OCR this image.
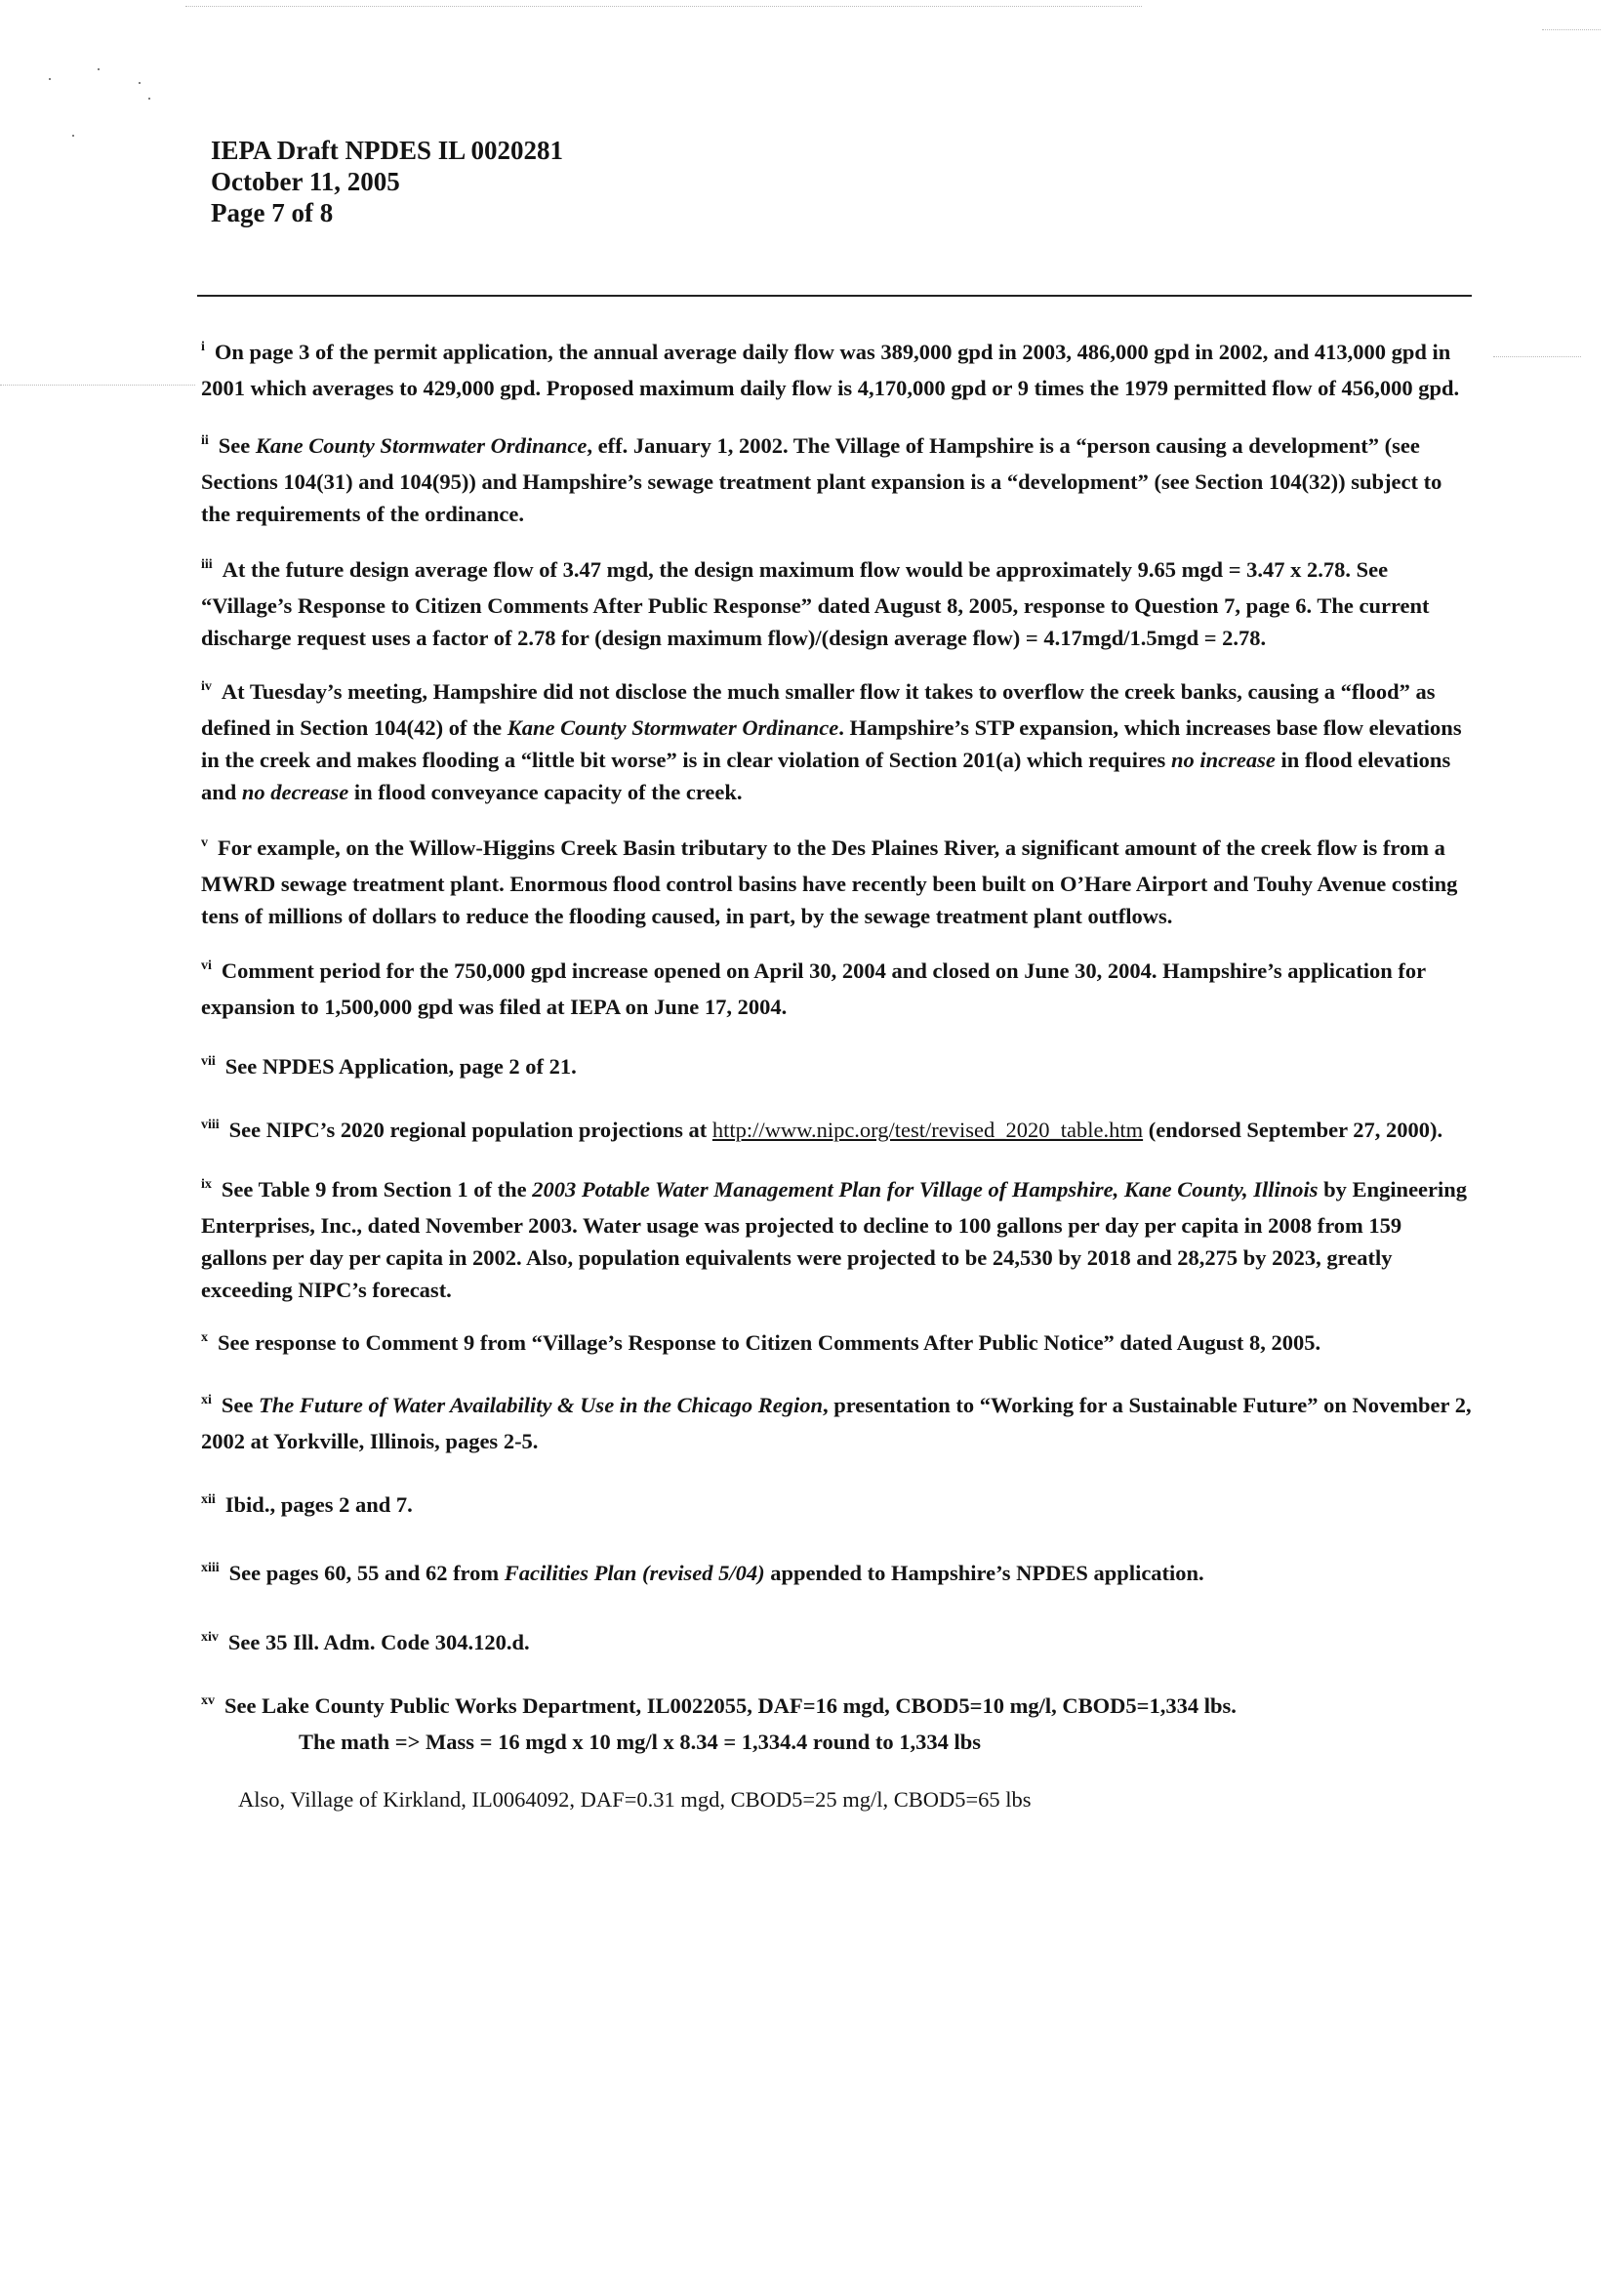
IEPA Draft NPDES IL 0020281
October 11, 2005
Page 7 of 8

$^i$ On page 3 of the permit application, the annual average daily flow was 389,000 gpd in 2003, 486,000 gpd in 2002, and 413,000 gpd in 2001 which averages to 429,000 gpd. Proposed maximum daily flow is 4,170,000 gpd or 9 times the 1979 permitted flow of 456,000 gpd.

$^{ii}$ See Kane County Stormwater Ordinance, eff. January 1, 2002. The Village of Hampshire is a “person causing a development” (see Sections 104(31) and 104(95)) and Hampshire’s sewage treatment plant expansion is a “development” (see Section 104(32)) subject to the requirements of the ordinance.

$^{iii}$ At the future design average flow of 3.47 mgd, the design maximum flow would be approximately 9.65 mgd = 3.47 x 2.78. See “Village’s Response to Citizen Comments After Public Response” dated August 8, 2005, response to Question 7, page 6. The current discharge request uses a factor of 2.78 for (design maximum flow)/(design average flow) = 4.17mgd/1.5mgd = 2.78.

$^{iv}$ At Tuesday’s meeting, Hampshire did not disclose the much smaller flow it takes to overflow the creek banks, causing a “flood” as defined in Section 104(42) of the Kane County Stormwater Ordinance. Hampshire’s STP expansion, which increases base flow elevations in the creek and makes flooding a “little bit worse” is in clear violation of Section 201(a) which requires no increase in flood elevations and no decrease in flood conveyance capacity of the creek.

$^v$ For example, on the Willow-Higgins Creek Basin tributary to the Des Plaines River, a significant amount of the creek flow is from a MWRD sewage treatment plant. Enormous flood control basins have recently been built on O’Hare Airport and Touhy Avenue costing tens of millions of dollars to reduce the flooding caused, in part, by the sewage treatment plant outflows.

$^{vi}$ Comment period for the 750,000 gpd increase opened on April 30, 2004 and closed on June 30, 2004. Hampshire’s application for expansion to 1,500,000 gpd was filed at IEPA on June 17, 2004.

$^{vii}$ See NPDES Application, page 2 of 21.

$^{viii}$ See NIPC’s 2020 regional population projections at http://www.nipc.org/test/revised_2020_table.htm (endorsed September 27, 2000).

$^{ix}$ See Table 9 from Section 1 of the 2003 Potable Water Management Plan for Village of Hampshire, Kane County, Illinois by Engineering Enterprises, Inc., dated November 2003. Water usage was projected to decline to 100 gallons per day per capita in 2008 from 159 gallons per day per capita in 2002. Also, population equivalents were projected to be 24,530 by 2018 and 28,275 by 2023, greatly exceeding NIPC’s forecast.

$^x$ See response to Comment 9 from “Village’s Response to Citizen Comments After Public Notice” dated August 8, 2005.

$^{xi}$ See The Future of Water Availability & Use in the Chicago Region, presentation to “Working for a Sustainable Future” on November 2, 2002 at Yorkville, Illinois, pages 2-5.

$^{xii}$ Ibid., pages 2 and 7.

$^{xiii}$ See pages 60, 55 and 62 from Facilities Plan (revised 5/04) appended to Hampshire’s NPDES application.

$^{xiv}$ See 35 Ill. Adm. Code 304.120.d.

$^{xv}$ See Lake County Public Works Department, IL0022055, DAF=16 mgd, CBOD5=10 mg/l, CBOD5=1,334 lbs.
The math => Mass = 16 mgd x 10 mg/l x 8.34 = 1,334.4 round to 1,334 lbs

Also, Village of Kirkland, IL0064092, DAF=0.31 mgd, CBOD5=25 mg/l, CBOD5=65 lbs
